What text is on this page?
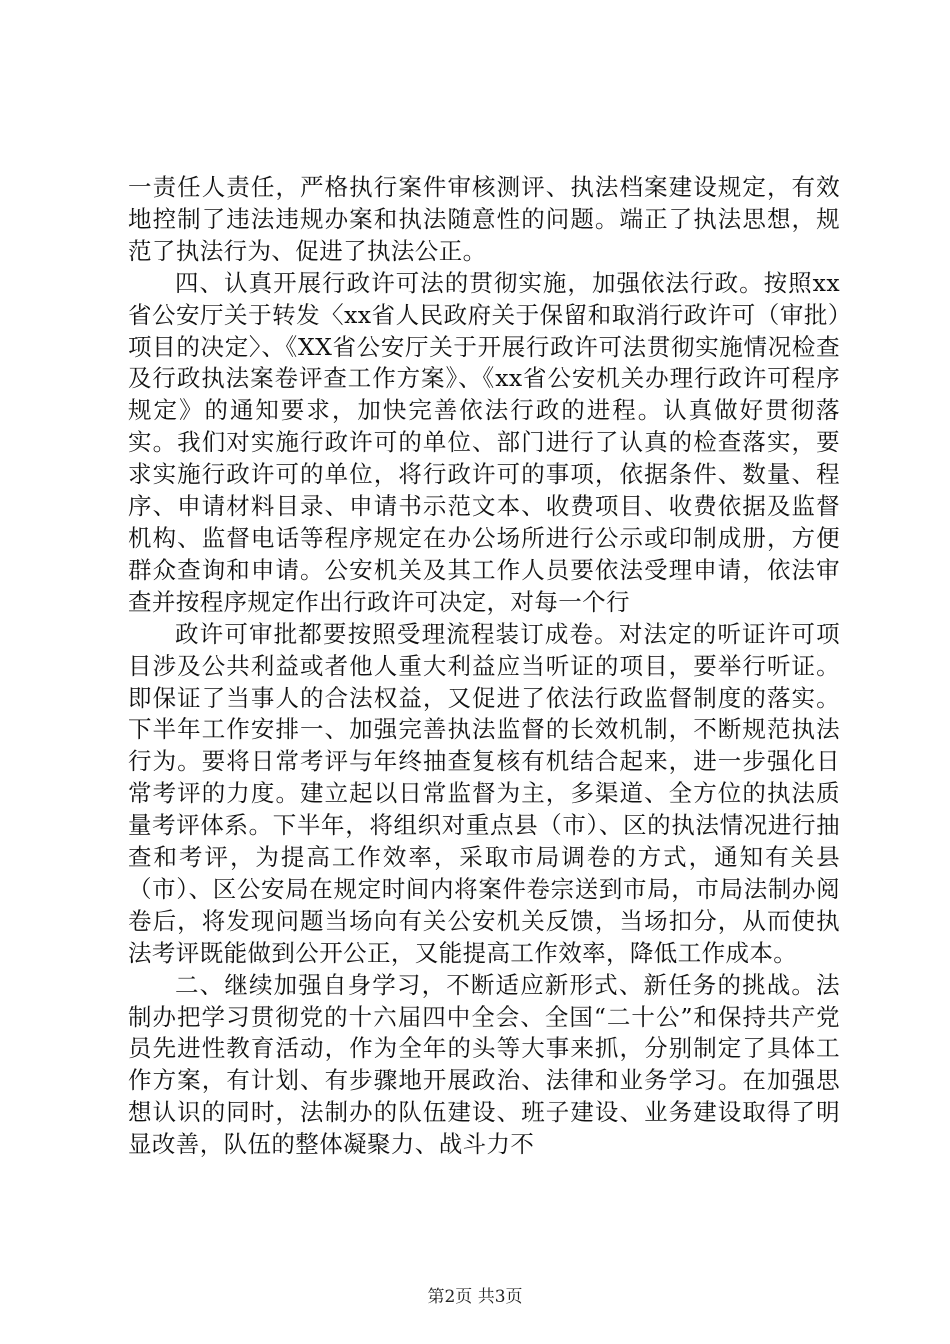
一责任人责任，严格执行案件审核测评、执法档案建设规定，有效地控制了违法违规办案和执法随意性的问题。端正了执法思想，规范了执法行为、促进了执法公正。

四、认真开展行政许可法的贯彻实施，加强依法行政。按照xx省公安厅关于转发〈xx省人民政府关于保留和取消行政许可（审批）项目的决定〉、《XX省公安厅关于开展行政许可法贯彻实施情况检查及行政执法案卷评查工作方案》、《xx省公安机关办理行政许可程序规定》的通知要求，加快完善依法行政的进程。认真做好贯彻落实。我们对实施行政许可的单位、部门进行了认真的检查落实，要求实施行政许可的单位，将行政许可的事项，依据条件、数量、程序、申请材料目录、申请书示范文本、收费项目、收费依据及监督机构、监督电话等程序规定在办公场所进行公示或印制成册，方便群众查询和申请。公安机关及其工作人员要依法受理申请，依法审查并按程序规定作出行政许可决定，对每一个行

政许可审批都要按照受理流程装订成卷。对法定的听证许可项目涉及公共利益或者他人重大利益应当听证的项目，要举行听证。即保证了当事人的合法权益，又促进了依法行政监督制度的落实。下半年工作安排一、加强完善执法监督的长效机制，不断规范执法行为。要将日常考评与年终抽查复核有机结合起来，进一步强化日常考评的力度。建立起以日常监督为主，多渠道、全方位的执法质量考评体系。下半年，将组织对重点县（市）、区的执法情况进行抽查和考评，为提高工作效率，采取市局调卷的方式，通知有关县（市）、区公安局在规定时间内将案件卷宗送到市局，市局法制办阅卷后，将发现问题当场向有关公安机关反馈，当场扣分，从而使执法考评既能做到公开公正，又能提高工作效率，降低工作成本。

二、继续加强自身学习，不断适应新形式、新任务的挑战。法制办把学习贯彻党的十六届四中全会、全国“二十公”和保持共产党员先进性教育活动，作为全年的头等大事来抓，分别制定了具体工作方案，有计划、有步骤地开展政治、法律和业务学习。在加强思想认识的同时，法制办的队伍建设、班子建设、业务建设取得了明显改善，队伍的整体凝聚力、战斗力不

第2页 共3页
